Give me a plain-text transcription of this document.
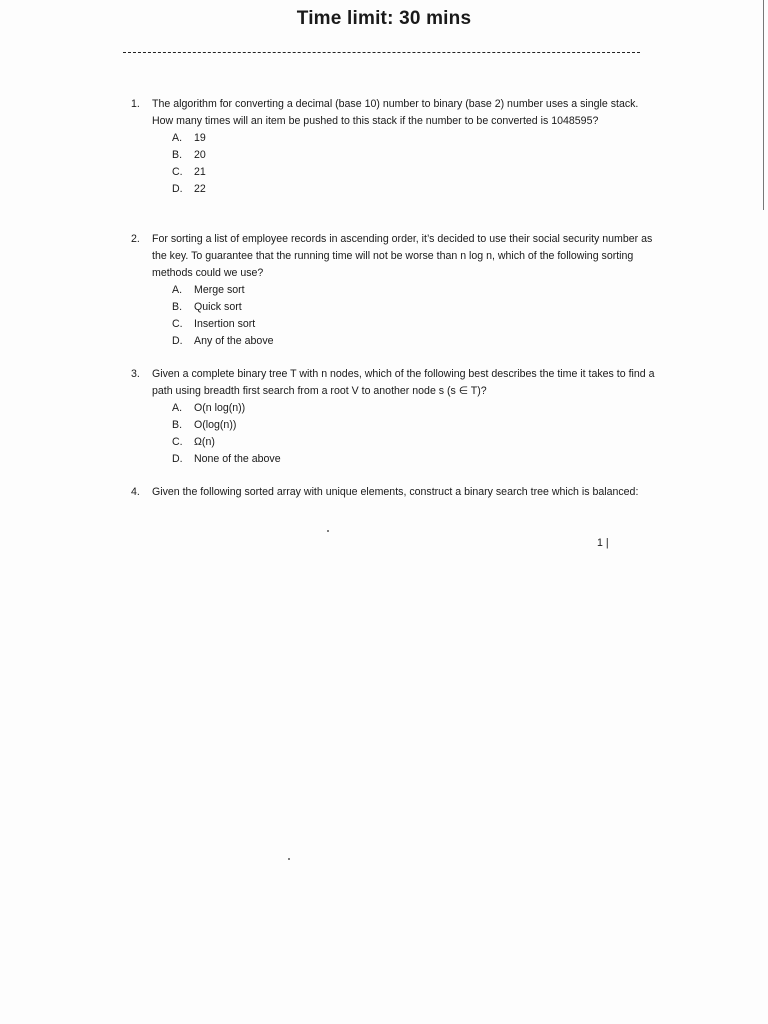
Time limit: 30 mins
1. The algorithm for converting a decimal (base 10) number to binary (base 2) number uses a single stack. How many times will an item be pushed to this stack if the number to be converted is 1048595?
A. 19
B. 20
C. 21
D. 22
2. For sorting a list of employee records in ascending order, it’s decided to use their social security number as the key. To guarantee that the running time will not be worse than n log n, which of the following sorting methods could we use?
A. Merge sort
B. Quick sort
C. Insertion sort
D. Any of the above
3. Given a complete binary tree T with n nodes, which of the following best describes the time it takes to find a path using breadth first search from a root V to another node s (s ∈ T)?
A. O(n log(n))
B. O(log(n))
C. Ω(n)
D. None of the above
4. Given the following sorted array with unique elements, construct a binary search tree which is balanced:
1 |
